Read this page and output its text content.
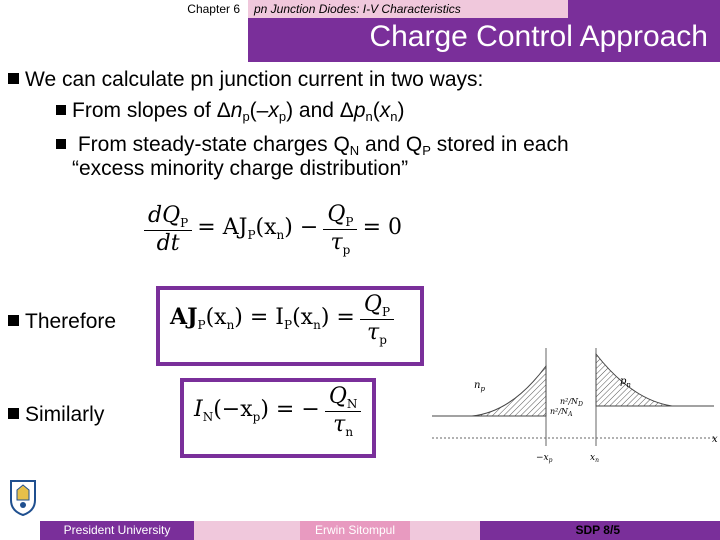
Chapter 6	pn Junction Diodes: I-V Characteristics
Charge Control Approach
We can calculate pn junction current in two ways:
From slopes of $\Delta n_p(-x_p)$ and $\Delta p_n(x_n)$
From steady-state charges $Q_N$ and $Q_P$ stored in each
“excess minority charge distribution”
$\frac{dQ_P}{dt} = AJ_P(x_n) - \frac{Q_P}{\tau_p} = 0$
Therefore $AJ_P(x_n) = I_P(x_n) = \frac{Q_P}{\tau_p}$
Similarly	$I_N(-x_p)$ = − $\frac{Q_N}{\tau_n}$	$n_p$
$p_n$
$n^2/N_A$
$n^2/N_D$
x
$-x_p$	$x_n$
President University	Erwin Sitompul	SDP 8/5
